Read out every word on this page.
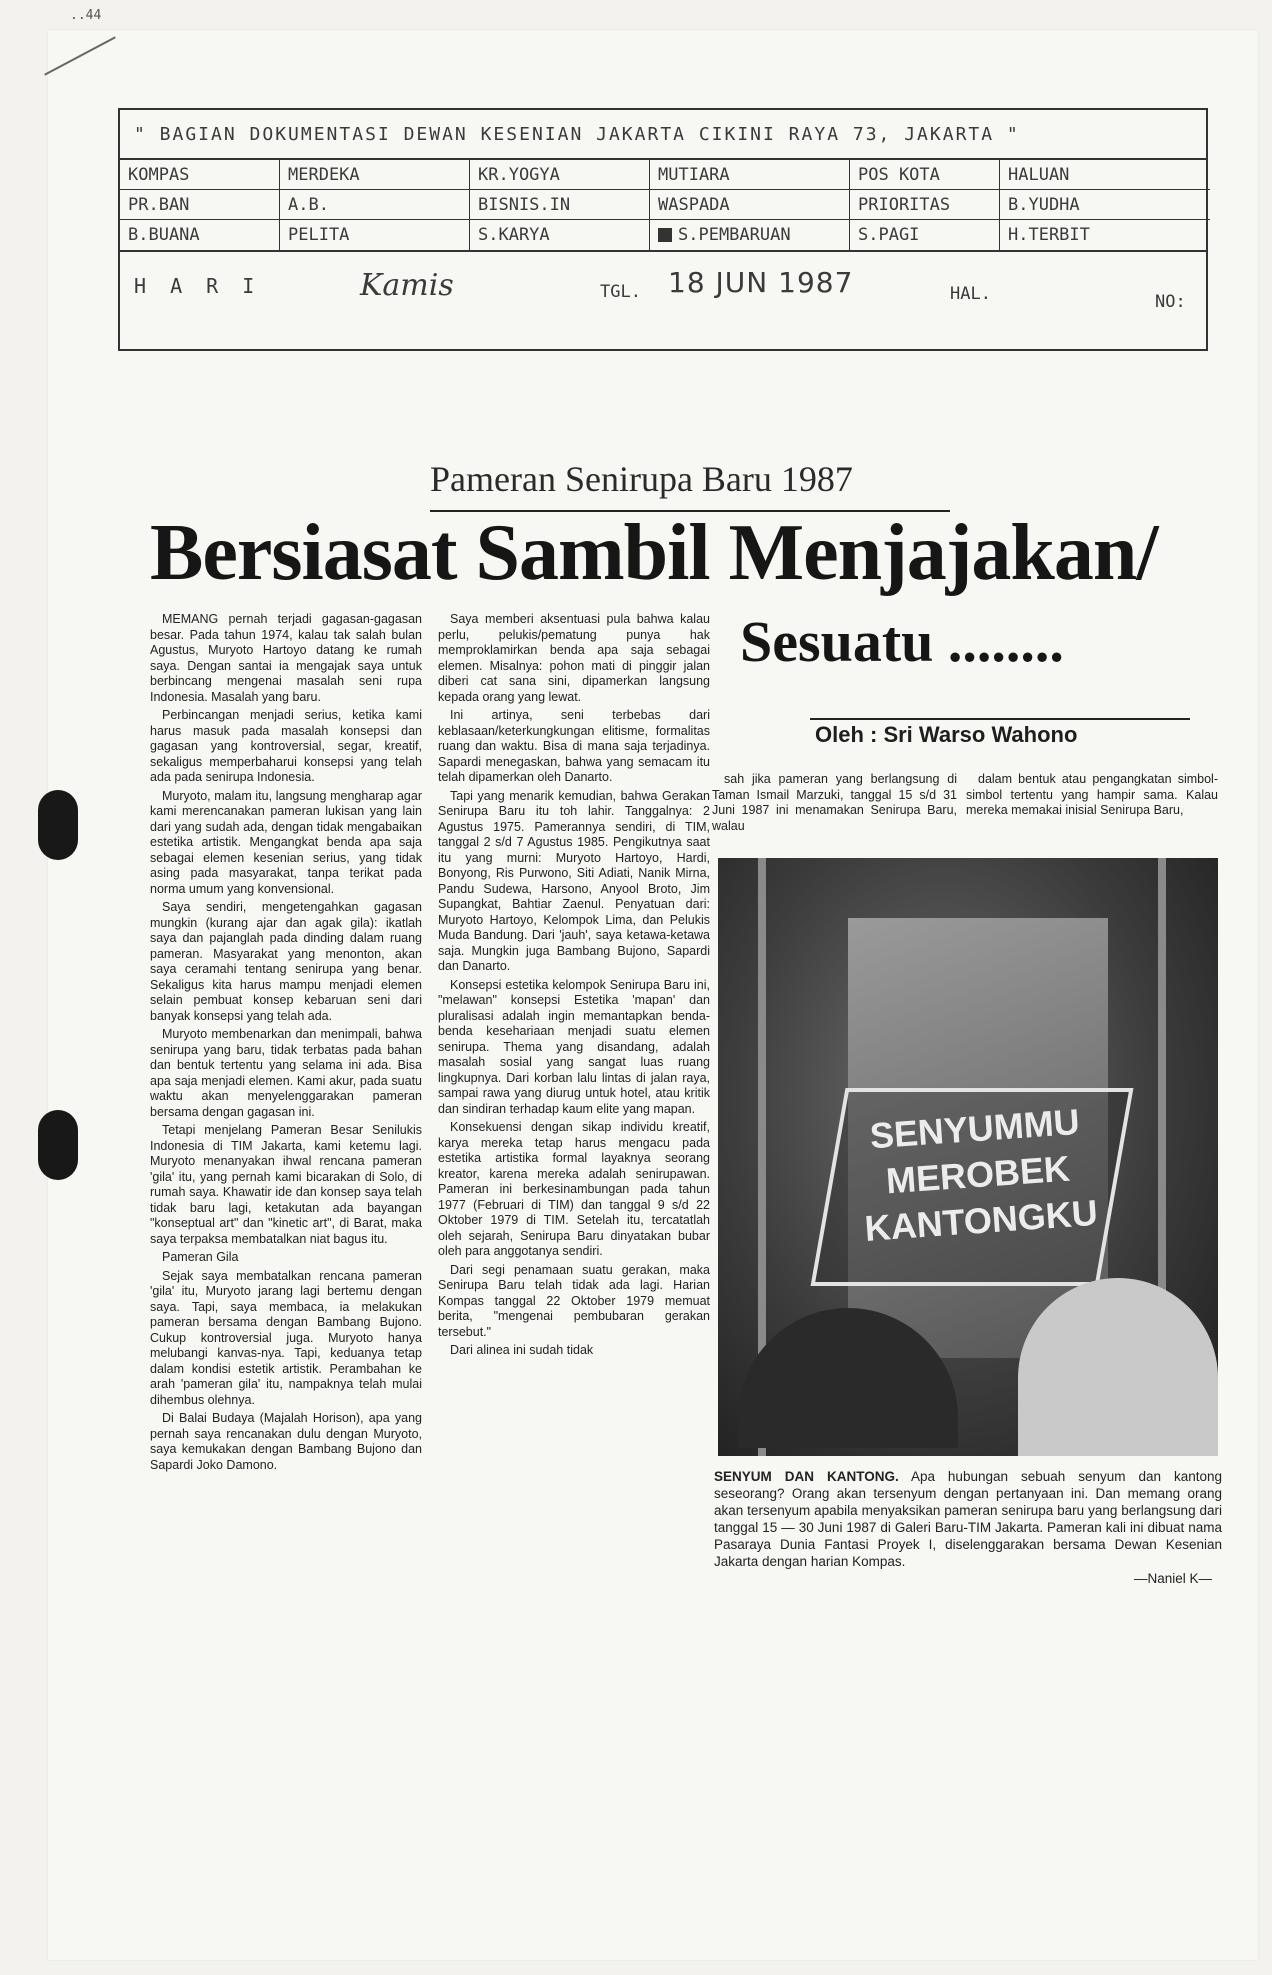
..44
" BAGIAN DOKUMENTASI DEWAN KESENIAN JAKARTA CIKINI RAYA 73, JAKARTA "
KOMPAS	MERDEKA	KR.YOGYA	MUTIARA	POS KOTA	HALUAN
PR.BAN	A.B.	BISNIS.IN	WASPADA	PRIORITAS	B.YUDHA
B.BUANA	PELITA	S.KARYA	S.PEMBARUAN	S.PAGI	H.TERBIT
H A R I	Kamis	TGL. 18 JUN 1987	HAL.	NO:
Pameran Senirupa Baru 1987
Bersiasat Sambil Menjajakan/
Sesuatu ........
Oleh : Sri Warso Wahono

MEMANG pernah terjadi gagasan-gagasan besar. Pada tahun 1974, kalau tak salah bulan Agustus, Muryoto Hartoyo datang ke rumah saya. Dengan santai ia mengajak saya untuk berbincang mengenai masalah seni rupa Indonesia. Masalah yang baru.

Perbincangan menjadi serius, ketika kami harus masuk pada masalah konsepsi dan gagasan yang kontroversial, segar, kreatif, sekaligus memperbaharui konsepsi yang telah ada pada senirupa Indonesia.

Muryoto, malam itu, langsung mengharap agar kami merencanakan pameran lukisan yang lain dari yang sudah ada, dengan tidak mengabaikan estetika artistik. Mengangkat benda apa saja sebagai elemen kesenian serius, yang tidak asing pada masyarakat, tanpa terikat pada norma umum yang konvensional.

Saya sendiri, mengetengahkan gagasan mungkin (kurang ajar dan agak gila): ikatlah saya dan pajanglah pada dinding dalam ruang pameran. Masyarakat yang menonton, akan saya ceramahi tentang senirupa yang benar. Sekaligus kita harus mampu menjadi elemen selain pembuat konsep kebaruan seni dari banyak konsepsi yang telah ada.

Muryoto membenarkan dan menimpali, bahwa senirupa yang baru, tidak terbatas pada bahan dan bentuk tertentu yang selama ini ada. Bisa apa saja menjadi elemen. Kami akur, pada suatu waktu akan menyelenggarakan pameran bersama dengan gagasan ini.

Tetapi menjelang Pameran Besar Senilukis Indonesia di TIM Jakarta, kami ketemu lagi. Muryoto menanyakan ihwal rencana pameran 'gila' itu, yang pernah kami bicarakan di Solo, di rumah saya. Khawatir ide dan konsep saya telah tidak baru lagi, ketakutan ada bayangan "konseptual art" dan "kinetic art", di Barat, maka saya terpaksa membatalkan niat bagus itu.

Pameran Gila

Sejak saya membatalkan rencana pameran 'gila' itu, Muryoto jarang lagi bertemu dengan saya. Tapi, saya membaca, ia melakukan pameran bersama dengan Bambang Bujono. Cukup kontroversial juga. Muryoto hanya melubangi kanvas-nya. Tapi, keduanya tetap dalam kondisi estetik artistik. Perambahan ke arah 'pameran gila' itu, nampaknya telah mulai dihembus olehnya.

Di Balai Budaya (Majalah Horison), apa yang pernah saya rencanakan dulu dengan Muryoto, saya kemukakan dengan Bambang Bujono dan Sapardi Joko Damono.

Saya memberi aksentuasi pula bahwa kalau perlu, pelukis/pematung punya hak memproklamirkan benda apa saja sebagai elemen. Misalnya: pohon mati di pinggir jalan diberi cat sana sini, dipamerkan langsung kepada orang yang lewat.

Ini artinya, seni terbebas dari keblasaan/keterkungkungan elitisme, formalitas ruang dan waktu. Bisa di mana saja terjadinya. Sapardi menegaskan, bahwa yang semacam itu telah dipamerkan oleh Danarto.

Tapi yang menarik kemudian, bahwa Gerakan Senirupa Baru itu toh lahir. Tanggalnya: 2 Agustus 1975. Pamerannya sendiri, di TIM, tanggal 2 s/d 7 Agustus 1985. Pengikutnya saat itu yang murni: Muryoto Hartoyo, Hardi, Bonyong, Ris Purwono, Siti Adiati, Nanik Mirna, Pandu Sudewa, Harsono, Anyool Broto, Jim Supangkat, Bahtiar Zaenul. Penyatuan dari: Muryoto Hartoyo, Kelompok Lima, dan Pelukis Muda Bandung. Dari 'jauh', saya ketawa-ketawa saja. Mungkin juga Bambang Bujono, Sapardi dan Danarto.

Konsepsi estetika kelompok Senirupa Baru ini, "melawan" konsepsi Estetika 'mapan' dan pluralisasi adalah ingin memantapkan benda-benda kesehariaan menjadi suatu elemen senirupa. Thema yang disandang, adalah masalah sosial yang sangat luas ruang lingkupnya. Dari korban lalu lintas di jalan raya, sampai rawa yang diurug untuk hotel, atau kritik dan sindiran terhadap kaum elite yang mapan.

Konsekuensi dengan sikap individu kreatif, karya mereka tetap harus mengacu pada estetika artistika formal layaknya seorang kreator, karena mereka adalah senirupawan. Pameran ini berkesinambungan pada tahun 1977 (Februari di TIM) dan tanggal 9 s/d 22 Oktober 1979 di TIM. Setelah itu, tercatatlah oleh sejarah, Senirupa Baru dinyatakan bubar oleh para anggotanya sendiri.

Dari segi penamaan suatu gerakan, maka Senirupa Baru telah tidak ada lagi. Harian Kompas tanggal 22 Oktober 1979 memuat berita, "mengenai pembubaran gerakan tersebut."

Dari alinea ini sudah tidak

sah jika pameran yang berlangsung di Taman Ismail Marzuki, tanggal 15 s/d 31 Juni 1987 ini menamakan Senirupa Baru, walau

dalam bentuk atau pengangkatan simbol-simbol tertentu yang hampir sama. Kalau mereka memakai inisial Senirupa Baru,

SENYUMMU MEROBEK KANTONGKU
SENYUM DAN KANTONG. Apa hubungan sebuah senyum dan kantong seseorang? Orang akan tersenyum dengan pertanyaan ini. Dan memang orang akan tersenyum apabila menyaksikan pameran senirupa baru yang berlangsung dari tanggal 15 — 30 Juni 1987 di Galeri Baru-TIM Jakarta. Pameran kali ini dibuat nama Pasaraya Dunia Fantasi Proyek I, diselenggarakan bersama Dewan Kesenian Jakarta dengan harian Kompas.
—Naniel K—
